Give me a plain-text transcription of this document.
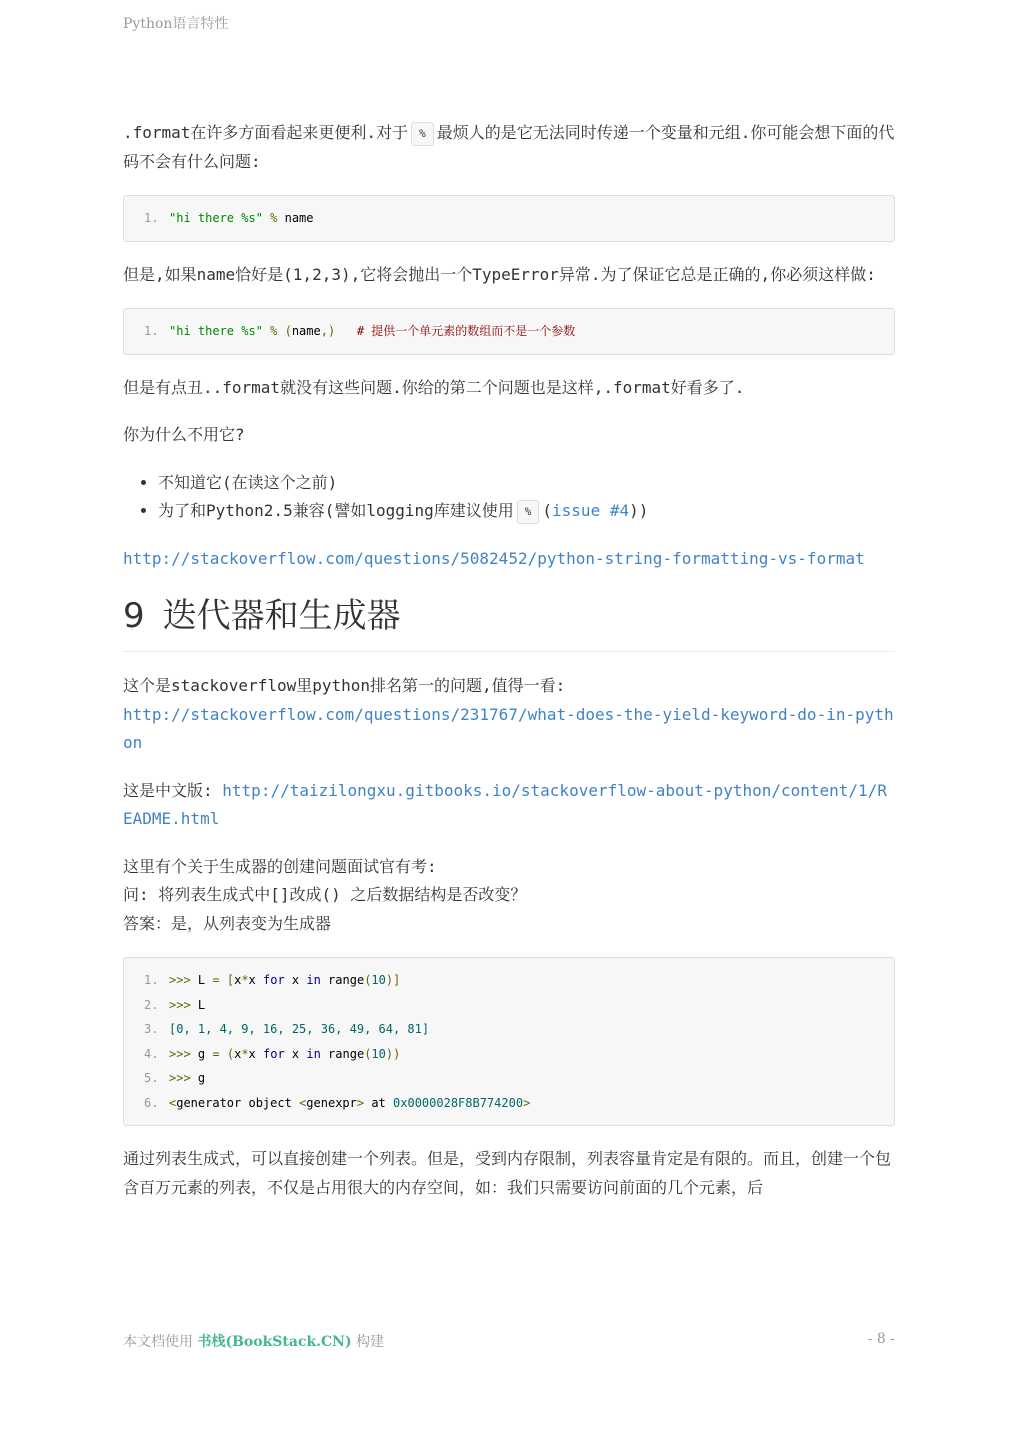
Python语言特性

.format在许多方面看起来更便利.对于 % 最烦人的是它无法同时传递一个变量和元组.你可能会想下面的代码不会有什么问题:

1. "hi there %s" % name

但是,如果name恰好是(1,2,3),它将会抛出一个TypeError异常.为了保证它总是正确的,你必须这样做:

1. "hi there %s" % (name,)   # 提供一个单元素的数组而不是一个参数

但是有点丑..format就没有这些问题.你给的第二个问题也是这样,.format好看多了.

你为什么不用它?

• 不知道它(在读这个之前)
• 为了和Python2.5兼容(譬如logging库建议使用 % (issue #4))

http://stackoverflow.com/questions/5082452/python-string-formatting-vs-format

9 迭代器和生成器

这个是stackoverflow里python排名第一的问题,值得一看:
http://stackoverflow.com/questions/231767/what-does-the-yield-keyword-do-in-python

这是中文版: http://taizilongxu.gitbooks.io/stackoverflow-about-python/content/1/README.html

这里有个关于生成器的创建问题面试官有考:
问: 将列表生成式中[]改成() 之后数据结构是否改变？
答案：是，从列表变为生成器

1. >>> L = [x*x for x in range(10)]
2. >>> L
3. [0, 1, 4, 9, 16, 25, 36, 49, 64, 81]
4. >>> g = (x*x for x in range(10))
5. >>> g
6. <generator object <genexpr> at 0x0000028F8B774200>

通过列表生成式，可以直接创建一个列表。但是，受到内存限制，列表容量肯定是有限的。而且，创建一个包含百万元素的列表，不仅是占用很大的内存空间，如：我们只需要访问前面的几个元素，后

本文档使用 书栈(BookStack.CN) 构建	- 8 -
